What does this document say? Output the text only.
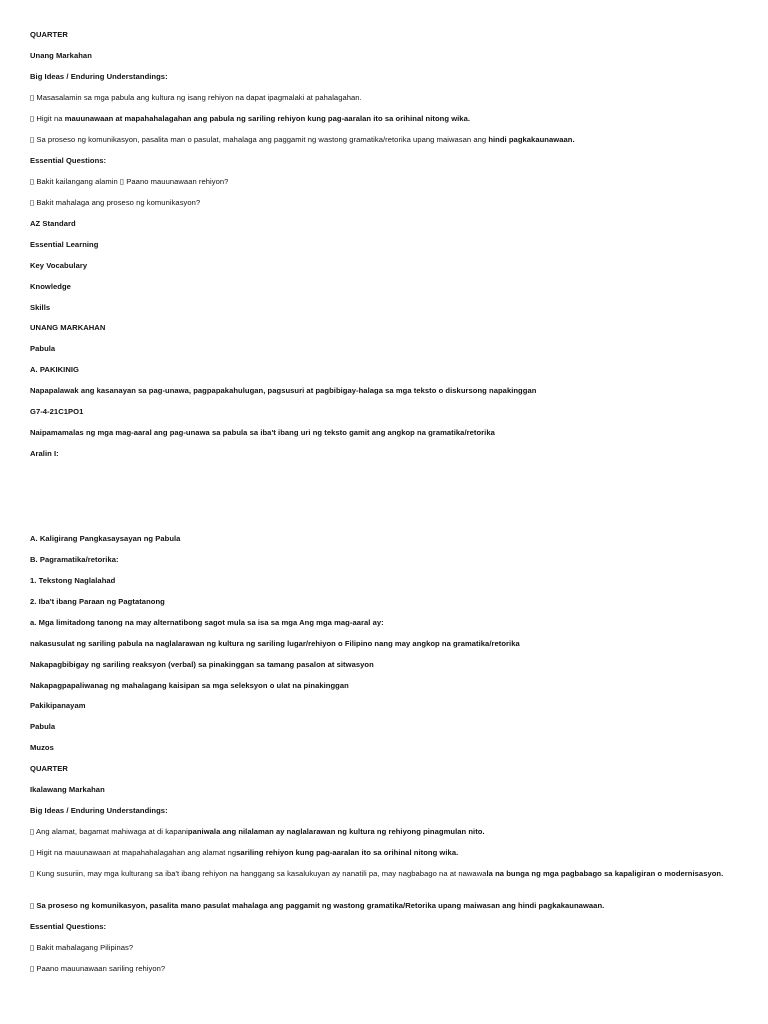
QUARTER
Unang Markahan
Big Ideas / Enduring Understandings:
▯ Masasalamin sa mga pabula ang kultura ng isang rehiyon na dapat ipagmalaki at pahalagahan.
▯ Higit na mauunawaan at mapahahalagahan ang pabula ng sariling rehiyon kung pag-aaralan ito sa orihinal nitong wika.
▯ Sa proseso ng komunikasyon, pasalita man o pasulat, mahalaga ang paggamit ng wastong gramatika/retorika upang maiwasan ang hindi pagkakaunawaan.
Essential Questions:
▯ Bakit kailangang alamin ▯ Paano mauunawaan rehiyon?
▯ Bakit mahalaga ang proseso ng komunikasyon?
AZ Standard
Essential Learning
Key Vocabulary
Knowledge
Skills
UNANG MARKAHAN
Pabula
A. PAKIKINIG
Napapalawak ang kasanayan sa pag-unawa, pagpapakahulugan, pagsusuri at pagbibigay-halaga sa mga teksto o diskursong napakinggan
G7-4-21C1PO1
Naipamamalas ng mga mag-aaral ang pag-unawa sa pabula sa iba't ibang uri ng teksto gamit ang angkop na gramatika/retorika
Aralin I:
A. Kaligirang Pangkasaysayan ng Pabula
B. Pagramatika/retorika:
1. Tekstong Naglalahad
2. Iba't ibang Paraan ng Pagtatanong
a. Mga limitadong tanong na may alternatibong sagot mula sa isa sa mga Ang mga mag-aaral ay:
nakasusulat ng sariling pabula na naglalarawan ng kultura ng sariling lugar/rehiyon o Filipino nang may angkop na gramatika/retorika
Nakapagbibigay ng sariling reaksyon (verbal) sa pinakinggan sa tamang pasalon at sitwasyon
Nakapagpapaliwanag ng mahalagang kaisipan sa mga seleksyon o ulat na pinakinggan
Pakikipanayam
Pabula
Muzos
QUARTER
Ikalawang Markahan
Big Ideas / Enduring Understandings:
▯ Ang alamat, bagamat mahiwaga at di kapanipaniwala ang nilalaman ay naglalarawan ng kultura ng rehiyong pinagmulan nito.
▯ Higit na mauunawaan at mapahahalagahan ang alamat ngsariling rehiyon kung pag-aaralan ito sa orihinal nitong wika.
▯ Kung susuriin, may mga kulturang sa iba't ibang rehiyon na hanggang sa kasalukuyan ay nanatili pa, may nagbabago na at nawawala na bunga ng mga pagbabago sa kapaligiran o modernisasyon.
▯ Sa proseso ng komunikasyon, pasalita mano pasulat mahalaga ang paggamit ng wastong gramatika/Retorika upang maiwasan ang hindi pagkakaunawaan.
Essential Questions:
▯ Bakit mahalagang Pilipinas?
▯ Paano mauunawaan sariling rehiyon?
